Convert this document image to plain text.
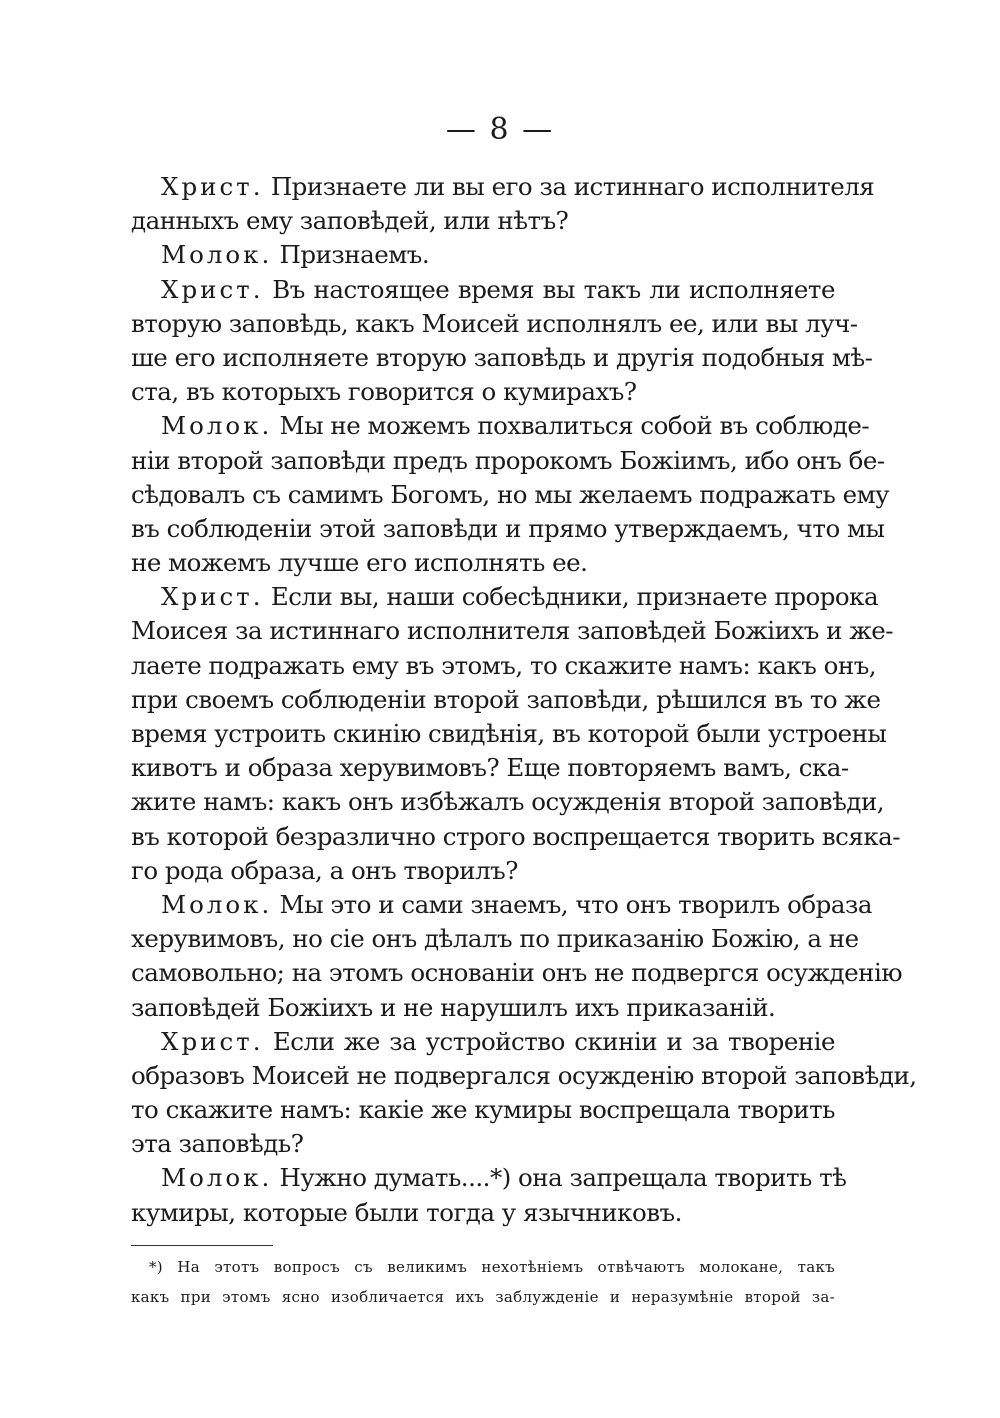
— 8 —
Христ. Признаете ли вы его за истиннаго исполнителя
данныхъ ему заповѣдей, или нѣтъ?
Молок. Признаемъ.
Христ. Въ настоящее время вы такъ ли исполняете
вторую заповѣдь, какъ Моисей исполнялъ ее, или вы луч-
ше его исполняете вторую заповѣдь и другія подобныя мѣ-
ста, въ которыхъ говорится о кумирахъ?
Молок. Мы не можемъ похвалиться собой въ соблюде-
нiи второй заповѣди предъ пророкомъ Божiимъ, ибо онъ бе-
сѣдовалъ съ самимъ Богомъ, но мы желаемъ подражать ему
въ соблюденiи этой заповѣди и прямо утверждаемъ, что мы
не можемъ лучше его исполнять ее.
Христ. Если вы, наши собесѣдники, признаете пророка
Моисея за истиннаго исполнителя заповѣдей Божiихъ и же-
лаете подражать ему въ этомъ, то скажите намъ: какъ онъ,
при своемъ соблюденiи второй заповѣди, рѣшился въ то же
время устроить скинiю свидѣнiя, въ которой были устроены
кивотъ и образа херувимовъ? Еще повторяемъ вамъ, ска-
жите намъ: какъ онъ избѣжалъ осужденiя второй заповѣди,
въ которой безразлично строго воспрещается творить всяка-
го рода образа, а онъ творилъ?
Молок. Мы это и сами знаемъ, что онъ творилъ образа
херувимовъ, но сiе онъ дѣлалъ по приказанiю Божiю, а не
самовольно; на этомъ основанiи онъ не подвергся осужденiю
заповѣдей Божiихъ и не нарушилъ ихъ приказанiй.
Христ. Если же за устройство скинiи и за творенiе
образовъ Моисей не подвергался осужденiю второй заповѣди,
то скажите намъ: какiе же кумиры воспрещала творить
эта заповѣдь?
Молок. Нужно думать....*) она запрещала творить тѣ
кумиры, которые были тогда у язычниковъ.
*) На этотъ вопросъ съ великимъ нехотѣнiемъ отвѣчаютъ молокане, такъ
какъ при этомъ ясно изобличается ихъ заблужденiе и неразумѣнiе второй за-
